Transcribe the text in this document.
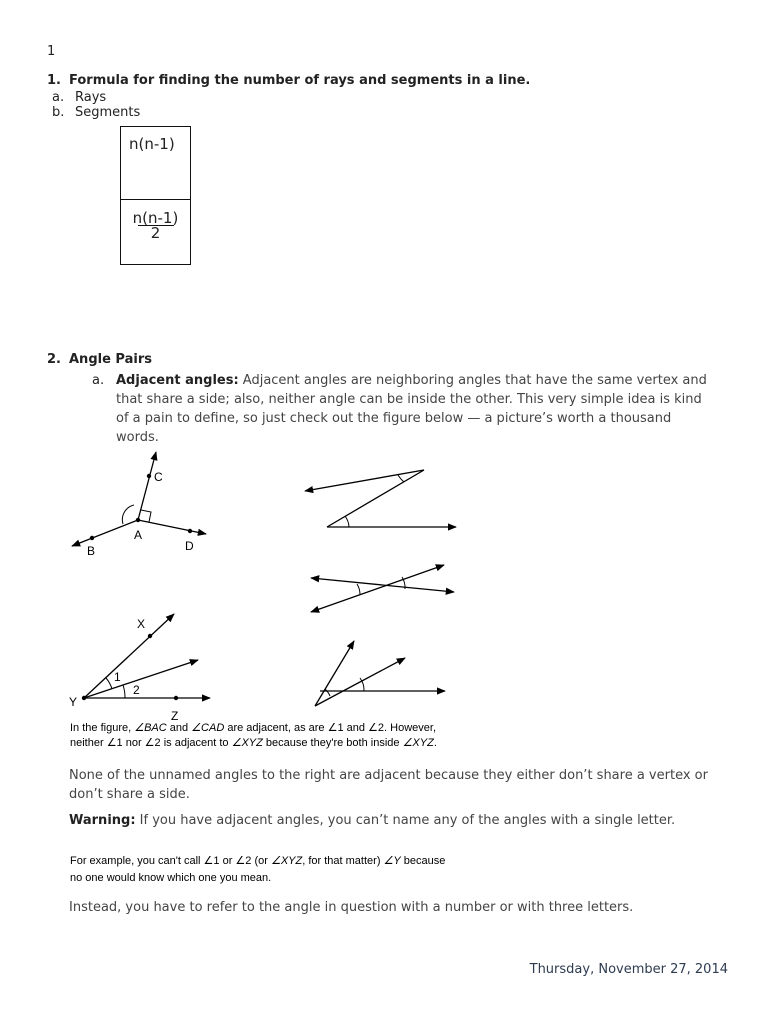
1
1. Formula for finding the number of rays and segments in a line.
a. Rays
b. Segments
n(n-1)
n(n-1)
2
2. Angle Pairs
a. Adjacent angles: Adjacent angles are neighboring angles that have the same vertex and that share a side; also, neither angle can be inside the other. This very simple idea is kind of a pain to define, so just check out the figure below — a picture’s worth a thousand words.
C
A
B	D
X
Y
Z
1
2
In the figure, ∠BAC and ∠CAD are adjacent, as are ∠1 and ∠2. However,
neither ∠1 nor ∠2 is adjacent to ∠XYZ because they're both inside ∠XYZ.
None of the unnamed angles to the right are adjacent because they either don’t share a vertex or don’t share a side.
Warning: If you have adjacent angles, you can’t name any of the angles with a single letter.
For example, you can't call ∠1 or ∠2 (or ∠XYZ, for that matter) ∠Y because
no one would know which one you mean.
Instead, you have to refer to the angle in question with a number or with three letters.
Thursday, November 27, 2014
